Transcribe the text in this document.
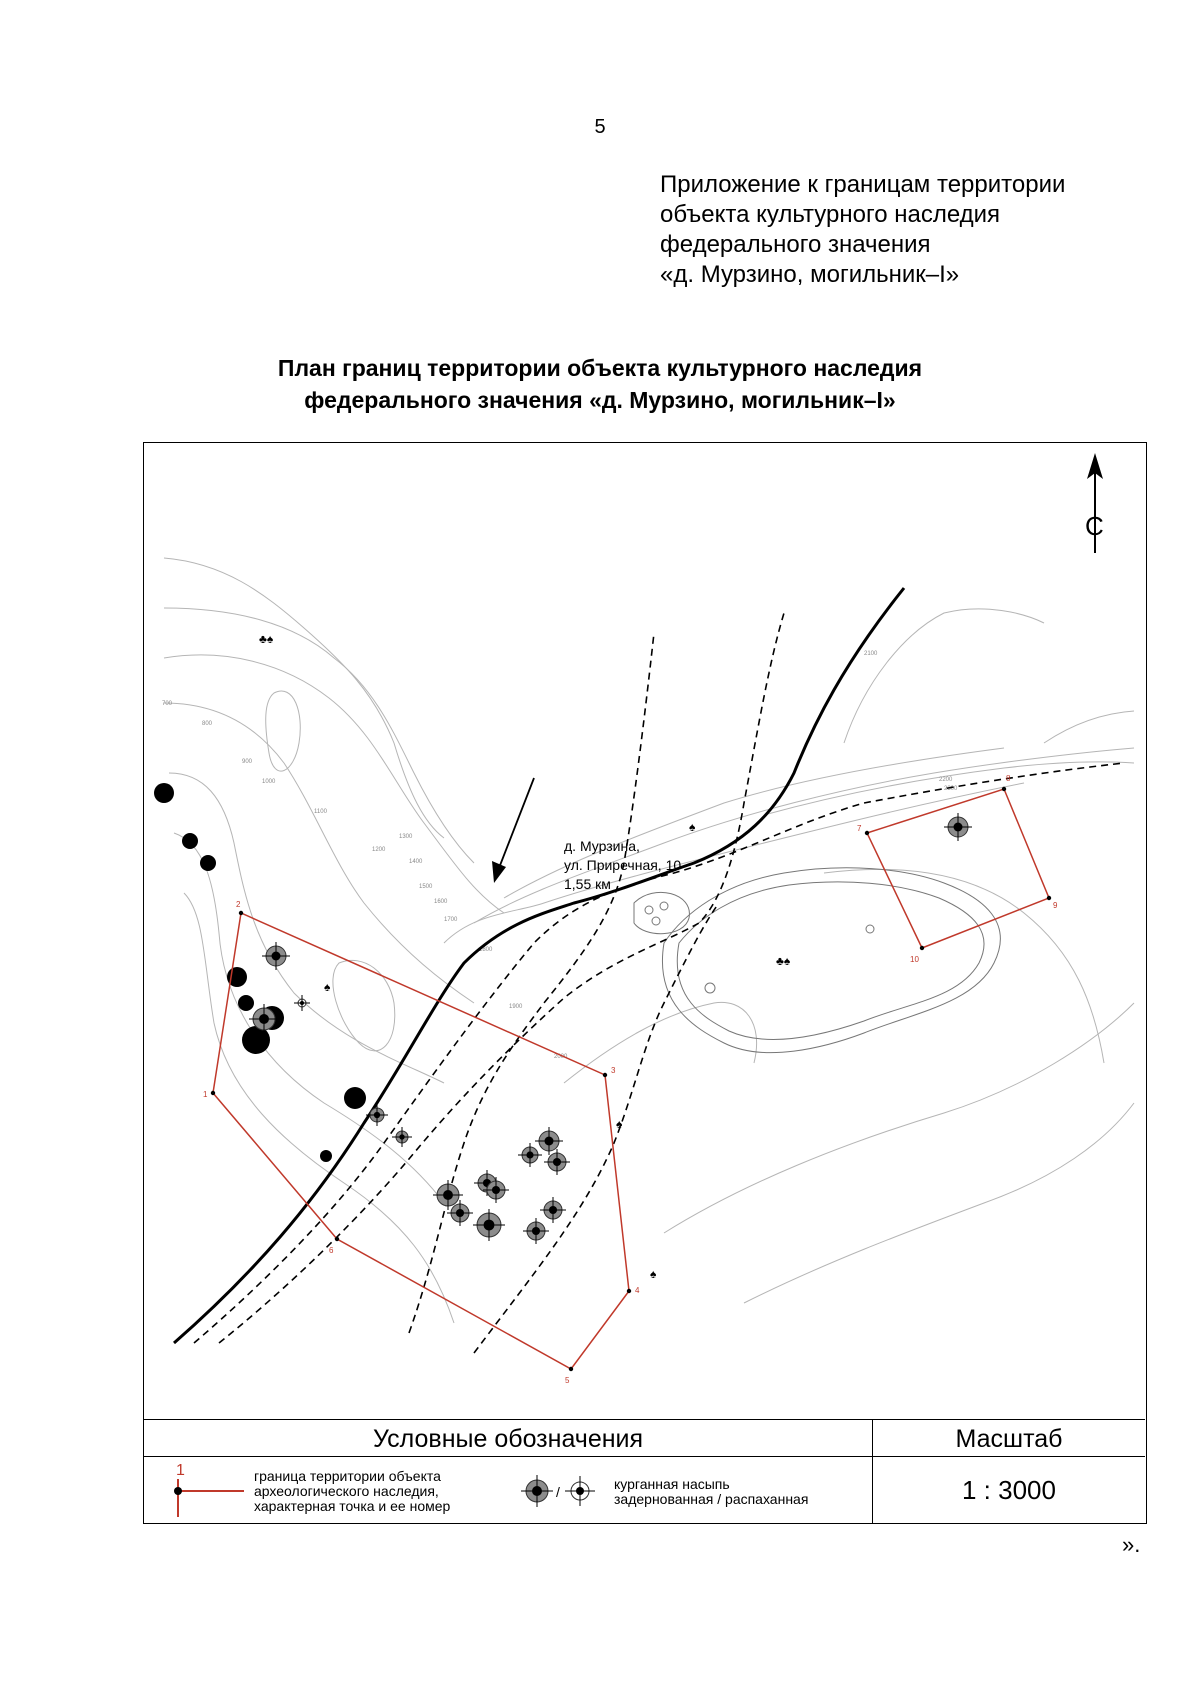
5
Приложение к границам территории
объекта культурного наследия
федерального значения
«д. Мурзино, могильник–I»
План границ территории объекта культурного наследия
федерального значения «д. Мурзино, могильник–I»
700
800
900
1000
1100
1200
1300
1400
1500
1600
1700
1800
1900
2000
2100
2200
2300
С
д. Мурзина,
ул. Приречная, 10
1,55 км
♣♠
♠
♠
♣♠
♠
♠
1
2
3
4
5
6
7
8
9
10
Условные обозначения	Масштаб
1	граница территории объекта
археологического наследия,
характерная точка и ее номер
/	курганная насыпь
задернованная / распаханная	1 : 3000
».
